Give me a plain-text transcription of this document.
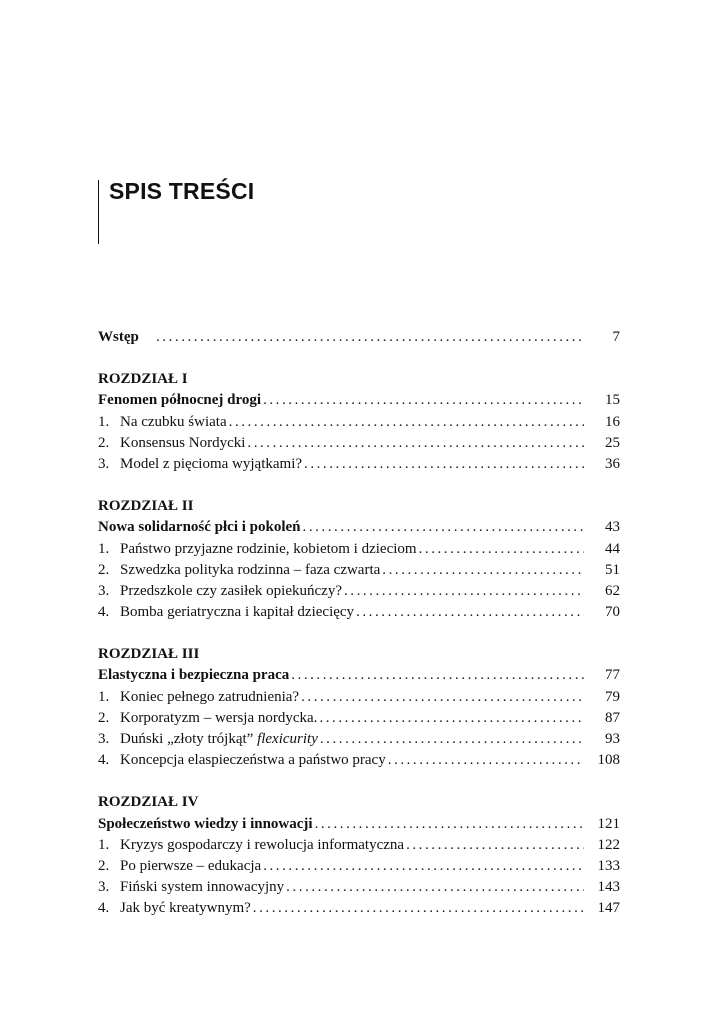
SPIS TREŚCI
Wstęp . . .	7
ROZDZIAŁ I
Fenomen północnej drogi . . .	15
1. Na czubku świata . . .	16
2. Konsensus Nordycki . . .	25
3. Model z pięcioma wyjątkami? . . .	36
ROZDZIAŁ II
Nowa solidarność płci i pokoleń . . .	43
1. Państwo przyjazne rodzinie, kobietom i dzieciom . . .	44
2. Szwedzka polityka rodzinna – faza czwarta . . .	51
3. Przedszkole czy zasiłek opiekuńczy? . . .	62
4. Bomba geriatryczna i kapitał dziecięcy . . .	70
ROZDZIAŁ III
Elastyczna i bezpieczna praca . . .	77
1. Koniec pełnego zatrudnienia? . . .	79
2. Korporatyzm – wersja nordycka. . . .	87
3. Duński „złoty trójkąt” flexicurity . . .	93
4. Koncepcja elaspieczeństwa a państwo pracy . . .	108
ROZDZIAŁ IV
Społeczeństwo wiedzy i innowacji . . .	121
1. Kryzys gospodarczy i rewolucja informatyczna . . .	122
2. Po pierwsze – edukacja . . .	133
3. Fiński system innowacyjny . . .	143
4. Jak być kreatywnym? . . .	147
